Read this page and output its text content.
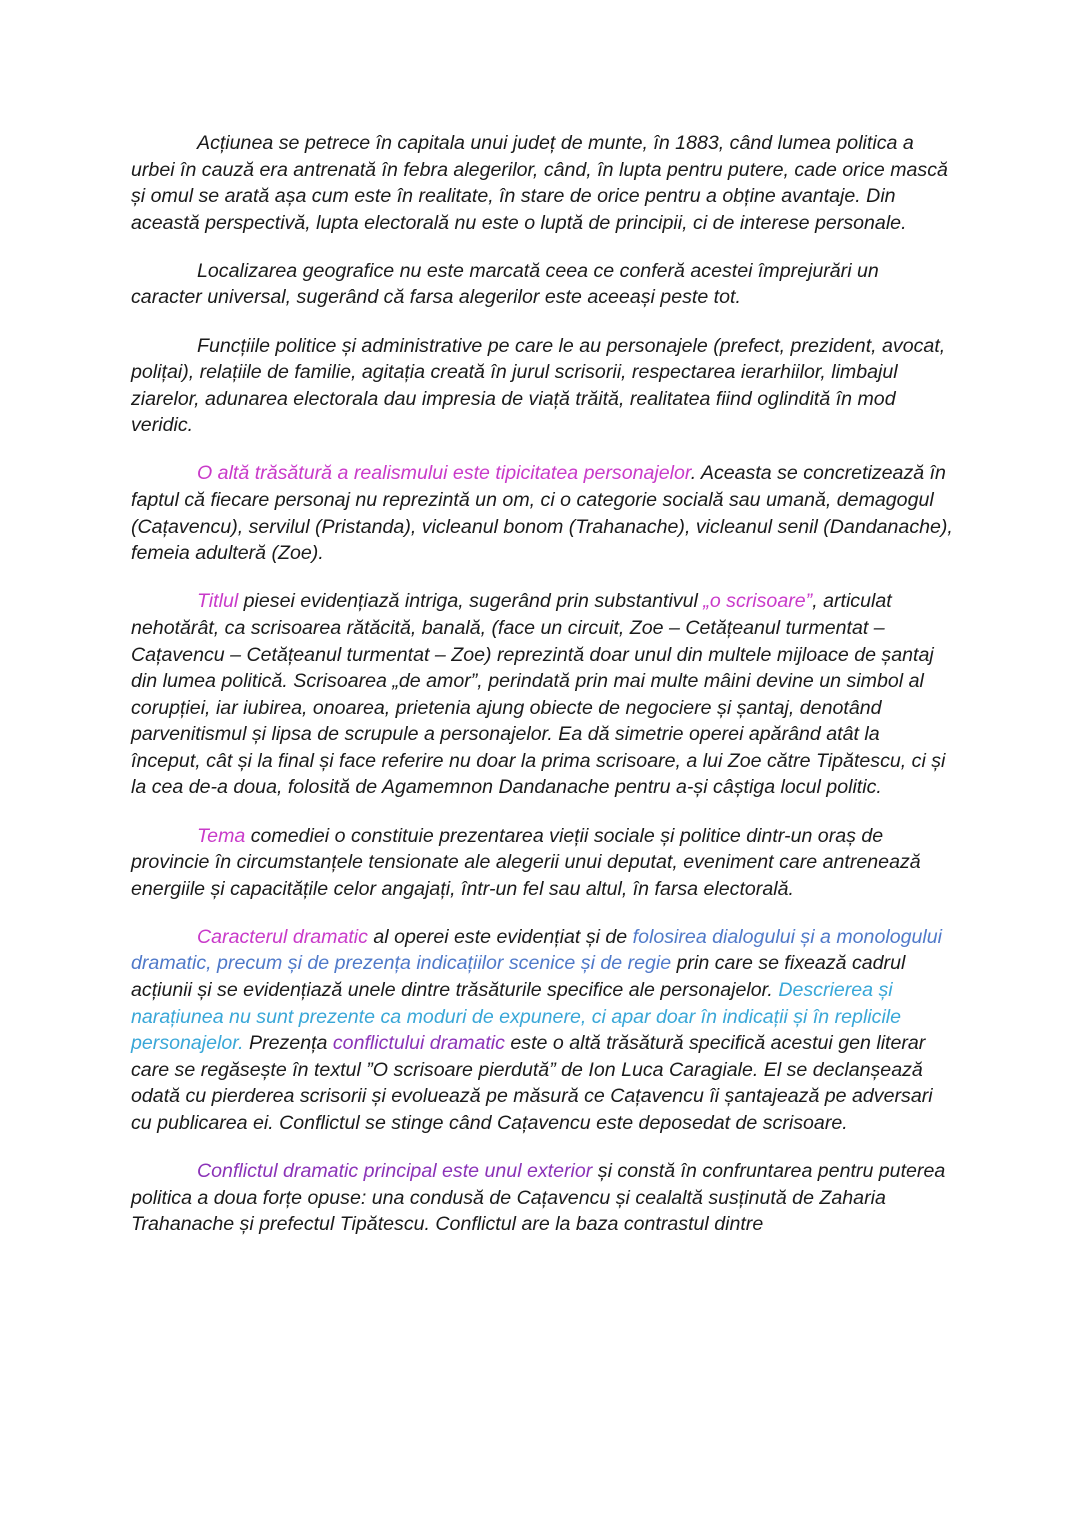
Acțiunea se petrece în capitala unui județ de munte, în 1883, când lumea politica a urbei în cauză era antrenată în febra alegerilor, când, în lupta pentru putere, cade orice mască și omul se arată așa cum este în realitate, în stare de orice pentru a obține avantaje. Din această perspectivă, lupta electorală nu este o luptă de principii, ci de interese personale.

Localizarea geografice nu este marcată ceea ce conferă acestei împrejurări un caracter universal, sugerând că farsa alegerilor este aceeași peste tot.

Funcțiile politice și administrative pe care le au personajele (prefect, prezident, avocat, polițai), relațiile de familie, agitația creată în jurul scrisorii, respectarea ierarhiilor, limbajul ziarelor, adunarea electorala dau impresia de viață trăită, realitatea fiind oglindită în mod veridic.

O altă trăsătură a realismului este tipicitatea personajelor. Aceasta se concretizează în faptul că fiecare personaj nu reprezintă un om, ci o categorie socială sau umană, demagogul (Cațavencu), servilul (Pristanda), vicleanul bonom (Trahanache), vicleanul senil (Dandanache), femeia adulteră (Zoe).

Titlul piesei evidențiază intriga, sugerând prin substantivul „o scrisoare”, articulat nehotărât, ca scrisoarea rătăcită, banală, (face un circuit, Zoe – Cetățeanul turmentat – Cațavencu – Cetățeanul turmentat – Zoe) reprezintă doar unul din multele mijloace de șantaj din lumea politică. Scrisoarea „de amor”, perindată prin mai multe mâini devine un simbol al corupției, iar iubirea, onoarea, prietenia ajung obiecte de negociere și șantaj, denotând parvenitismul și lipsa de scrupule a personajelor. Ea dă simetrie operei apărând atât la început, cât și la final și face referire nu doar la prima scrisoare, a lui Zoe către Tipătescu, ci și la cea de-a doua, folosită de Agamemnon Dandanache pentru a-și câștiga locul politic.

Tema comediei o constituie prezentarea vieții sociale și politice dintr-un oraș de provincie în circumstanțele tensionate ale alegerii unui deputat, eveniment care antrenează energiile și capacitățile celor angajați, într-un fel sau altul, în farsa electorală.

Caracterul dramatic al operei este evidențiat și de folosirea dialogului și a monologului dramatic, precum și de prezența indicațiilor scenice și de regie prin care se fixează cadrul acțiunii și se evidențiază unele dintre trăsăturile specifice ale personajelor. Descrierea și narațiunea nu sunt prezente ca moduri de expunere, ci apar doar în indicații și în replicile personajelor. Prezența conflictului dramatic este o altă trăsătură specifică acestui gen literar care se regăsește în textul ”O scrisoare pierdută” de Ion Luca Caragiale. El se declanșează odată cu pierderea scrisorii și evoluează pe măsură ce Cațavencu îi șantajează pe adversari cu publicarea ei. Conflictul se stinge când Cațavencu este deposedat de scrisoare.

Conflictul dramatic principal este unul exterior și constă în confruntarea pentru puterea politica a doua forțe opuse: una condusă de Cațavencu și cealaltă susținută de Zaharia Trahanache și prefectul Tipătescu. Conflictul are la baza contrastul dintre
